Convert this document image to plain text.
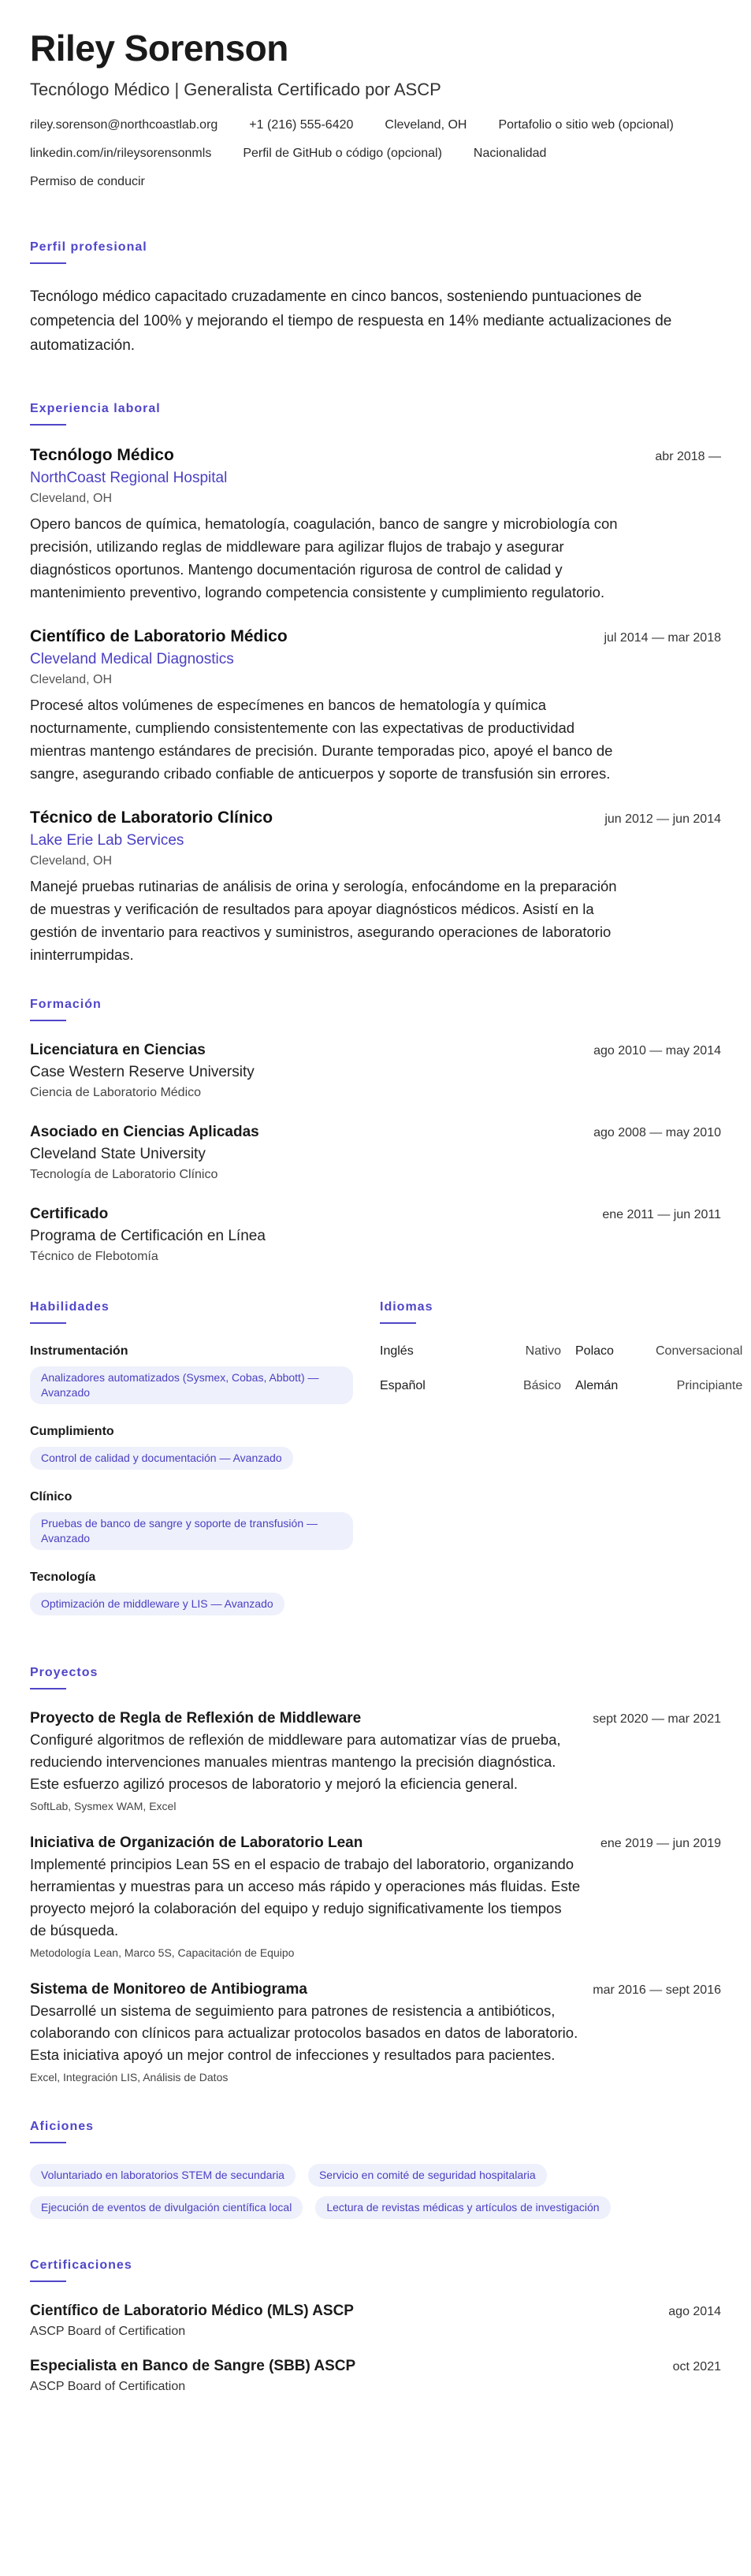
Riley Sorenson
Tecnólogo Médico | Generalista Certificado por ASCP
riley.sorenson@northcoastlab.org	+1 (216) 555-6420	Cleveland, OH	Portafolio o sitio web (opcional)
linkedin.com/in/rileysorensonmls	Perfil de GitHub o código (opcional)	Nacionalidad
Permiso de conducir
Perfil profesional
Tecnólogo médico capacitado cruzadamente en cinco bancos, sosteniendo puntuaciones de competencia del 100% y mejorando el tiempo de respuesta en 14% mediante actualizaciones de automatización.
Experiencia laboral
Tecnólogo Médico	abr 2018 —
NorthCoast Regional Hospital
Cleveland, OH
Opero bancos de química, hematología, coagulación, banco de sangre y microbiología con precisión, utilizando reglas de middleware para agilizar flujos de trabajo y asegurar diagnósticos oportunos. Mantengo documentación rigurosa de control de calidad y mantenimiento preventivo, logrando competencia consistente y cumplimiento regulatorio.
Científico de Laboratorio Médico	jul 2014 — mar 2018
Cleveland Medical Diagnostics
Cleveland, OH
Procesé altos volúmenes de especímenes en bancos de hematología y química nocturnamente, cumpliendo consistentemente con las expectativas de productividad mientras mantengo estándares de precisión. Durante temporadas pico, apoyé el banco de sangre, asegurando cribado confiable de anticuerpos y soporte de transfusión sin errores.
Técnico de Laboratorio Clínico	jun 2012 — jun 2014
Lake Erie Lab Services
Cleveland, OH
Manejé pruebas rutinarias de análisis de orina y serología, enfocándome en la preparación de muestras y verificación de resultados para apoyar diagnósticos médicos. Asistí en la gestión de inventario para reactivos y suministros, asegurando operaciones de laboratorio ininterrumpidas.
Formación
Licenciatura en Ciencias	ago 2010 — may 2014
Case Western Reserve University
Ciencia de Laboratorio Médico
Asociado en Ciencias Aplicadas	ago 2008 — may 2010
Cleveland State University
Tecnología de Laboratorio Clínico
Certificado	ene 2011 — jun 2011
Programa de Certificación en Línea
Técnico de Flebotomía
Habilidades
Instrumentación
Analizadores automatizados (Sysmex, Cobas, Abbott) — Avanzado
Cumplimiento
Control de calidad y documentación — Avanzado
Clínico
Pruebas de banco de sangre y soporte de transfusión — Avanzado
Tecnología
Optimización de middleware y LIS — Avanzado
Idiomas
Inglés	Nativo	Polaco	Conversacional
Español	Básico	Alemán	Principiante
Proyectos
Proyecto de Regla de Reflexión de Middleware	sept 2020 — mar 2021
Configuré algoritmos de reflexión de middleware para automatizar vías de prueba, reduciendo intervenciones manuales mientras mantengo la precisión diagnóstica. Este esfuerzo agilizó procesos de laboratorio y mejoró la eficiencia general.
SoftLab, Sysmex WAM, Excel
Iniciativa de Organización de Laboratorio Lean	ene 2019 — jun 2019
Implementé principios Lean 5S en el espacio de trabajo del laboratorio, organizando herramientas y muestras para un acceso más rápido y operaciones más fluidas. Este proyecto mejoró la colaboración del equipo y redujo significativamente los tiempos de búsqueda.
Metodología Lean, Marco 5S, Capacitación de Equipo
Sistema de Monitoreo de Antibiograma	mar 2016 — sept 2016
Desarrollé un sistema de seguimiento para patrones de resistencia a antibióticos, colaborando con clínicos para actualizar protocolos basados en datos de laboratorio. Esta iniciativa apoyó un mejor control de infecciones y resultados para pacientes.
Excel, Integración LIS, Análisis de Datos
Aficiones
Voluntariado en laboratorios STEM de secundaria	Servicio en comité de seguridad hospitalaria
Ejecución de eventos de divulgación científica local	Lectura de revistas médicas y artículos de investigación
Certificaciones
Científico de Laboratorio Médico (MLS) ASCP	ago 2014
ASCP Board of Certification
Especialista en Banco de Sangre (SBB) ASCP	oct 2021
ASCP Board of Certification
